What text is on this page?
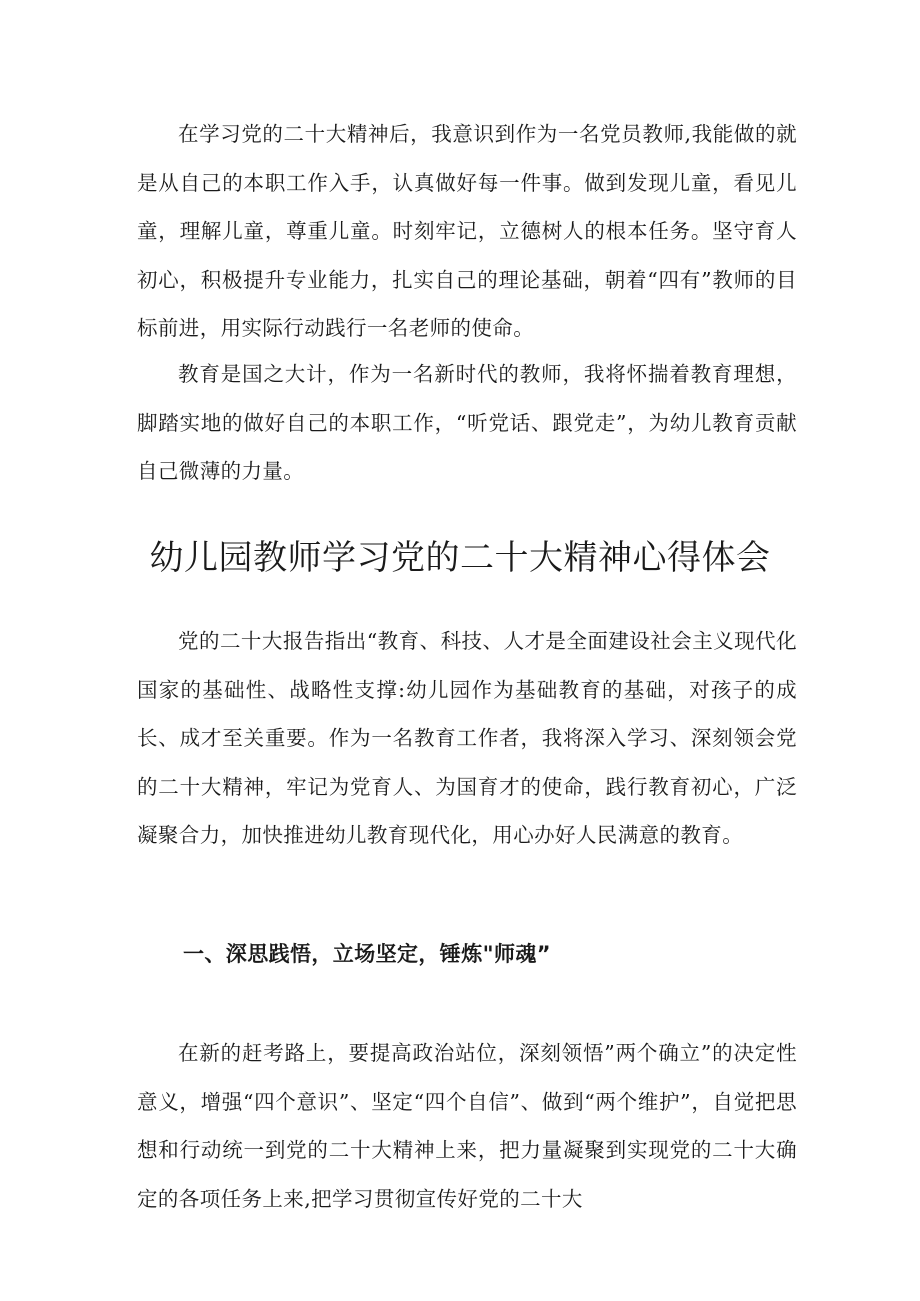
在学习党的二十大精神后，我意识到作为一名党员教师,我能做的就是从自己的本职工作入手，认真做好每一件事。做到发现儿童，看见儿童，理解儿童，尊重儿童。时刻牢记，立德树人的根本任务。坚守育人初心，积极提升专业能力，扎实自己的理论基础，朝着“四有”教师的目标前进，用实际行动践行一名老师的使命。

教育是国之大计，作为一名新时代的教师，我将怀揣着教育理想，脚踏实地的做好自己的本职工作，“听党话、跟党走”，为幼儿教育贡献自己微薄的力量。

幼儿园教师学习党的二十大精神心得体会

党的二十大报告指出“教育、科技、人才是全面建设社会主义现代化国家的基础性、战略性支撑:幼儿园作为基础教育的基础，对孩子的成长、成才至关重要。作为一名教育工作者，我将深入学习、深刻领会党的二十大精神，牢记为党育人、为国育才的使命，践行教育初心，广泛凝聚合力，加快推进幼儿教育现代化，用心办好人民满意的教育。

一、深思践悟，立场坚定，锤炼"师魂”

在新的赶考路上，要提高政治站位，深刻领悟”两个确立”的决定性意义，增强“四个意识”、坚定“四个自信”、做到“两个维护”，自觉把思想和行动统一到党的二十大精神上来，把力量凝聚到实现党的二十大确定的各项任务上来,把学习贯彻宣传好党的二十大
